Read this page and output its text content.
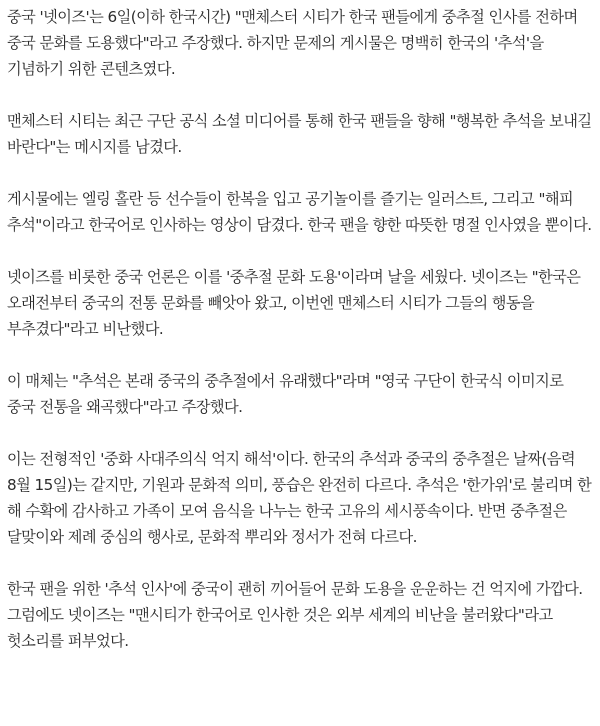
중국 '넷이즈'는 6일(이하 한국시간) "맨체스터 시티가 한국 팬들에게 중추절 인사를 전하며 중국 문화를 도용했다"라고 주장했다. 하지만 문제의 게시물은 명백히 한국의 '추석'을 기념하기 위한 콘텐츠였다.

맨체스터 시티는 최근 구단 공식 소셜 미디어를 통해 한국 팬들을 향해 "행복한 추석을 보내길 바란다"는 메시지를 남겼다.

게시물에는 엘링 홀란 등 선수들이 한복을 입고 공기놀이를 즐기는 일러스트, 그리고 "해피 추석"이라고 한국어로 인사하는 영상이 담겼다. 한국 팬을 향한 따뜻한 명절 인사였을 뿐이다.

넷이즈를 비롯한 중국 언론은 이를 '중추절 문화 도용'이라며 날을 세웠다. 넷이즈는 "한국은 오래전부터 중국의 전통 문화를 빼앗아 왔고, 이번엔 맨체스터 시티가 그들의 행동을 부추겼다"라고 비난했다.

이 매체는 "추석은 본래 중국의 중추절에서 유래했다"라며 "영국 구단이 한국식 이미지로 중국 전통을 왜곡했다"라고 주장했다.

이는 전형적인 '중화 사대주의식 억지 해석'이다. 한국의 추석과 중국의 중추절은 날짜(음력 8월 15일)는 같지만, 기원과 문화적 의미, 풍습은 완전히 다르다. 추석은 '한가위'로 불리며 한 해 수확에 감사하고 가족이 모여 음식을 나누는 한국 고유의 세시풍속이다. 반면 중추절은 달맞이와 제례 중심의 행사로, 문화적 뿌리와 정서가 전혀 다르다.

한국 팬을 위한 '추석 인사'에 중국이 괜히 끼어들어 문화 도용을 운운하는 건 억지에 가깝다. 그럼에도 넷이즈는 "맨시티가 한국어로 인사한 것은 외부 세계의 비난을 불러왔다"라고 헛소리를 퍼부었다.
